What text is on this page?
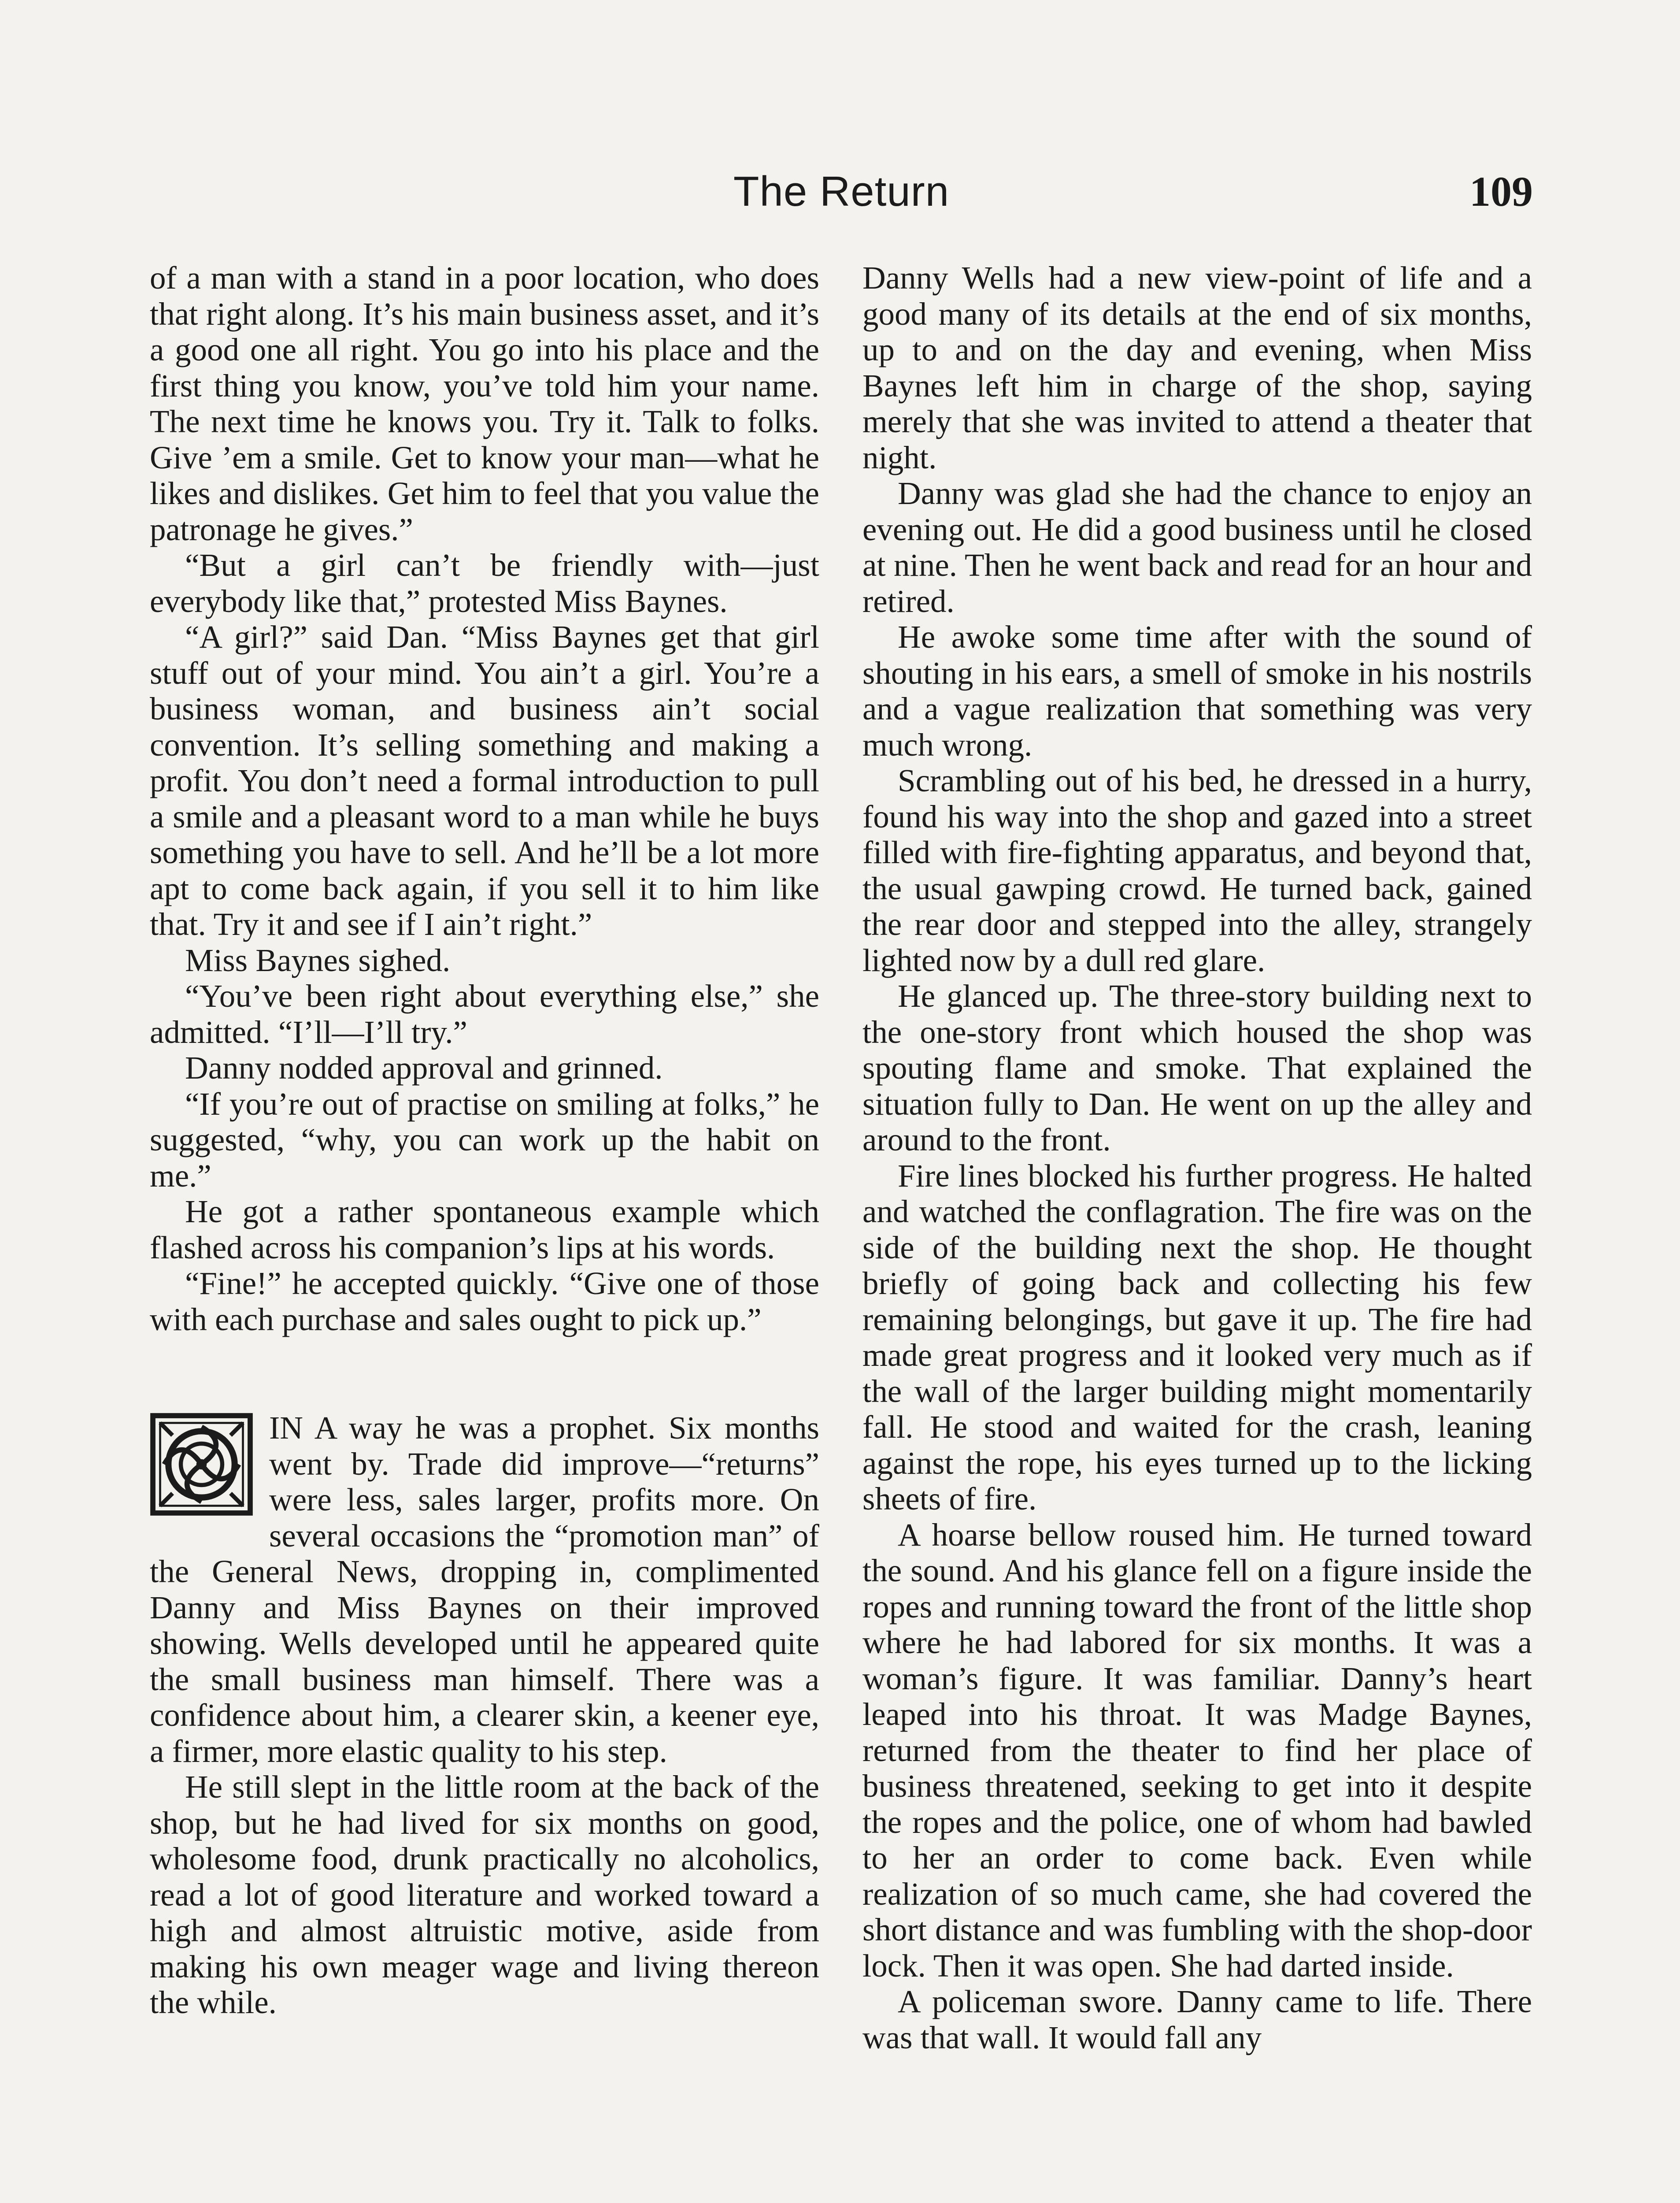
The Return	109

of a man with a stand in a poor location, who does that right along. It’s his main business asset, and it’s a good one all right. You go into his place and the first thing you know, you’ve told him your name. The next time he knows you. Try it. Talk to folks. Give ’em a smile. Get to know your man—what he likes and dislikes. Get him to feel that you value the patronage he gives.”

“But a girl can’t be friendly with—just everybody like that,” protested Miss Baynes.

“A girl?” said Dan. “Miss Baynes get that girl stuff out of your mind. You ain’t a girl. You’re a business woman, and business ain’t social convention. It’s selling something and making a profit. You don’t need a formal introduction to pull a smile and a pleasant word to a man while he buys something you have to sell. And he’ll be a lot more apt to come back again, if you sell it to him like that. Try it and see if I ain’t right.”

Miss Baynes sighed.

“You’ve been right about everything else,” she admitted. “I’ll—I’ll try.”

Danny nodded approval and grinned.

“If you’re out of practise on smiling at folks,” he suggested, “why, you can work up the habit on me.”

He got a rather spontaneous example which flashed across his companion’s lips at his words.

“Fine!” he accepted quickly. “Give one of those with each purchase and sales ought to pick up.”

IN A way he was a prophet. Six months went by. Trade did improve—“returns” were less, sales larger, profits more. On several occasions the “promotion man” of the General News, dropping in, complimented Danny and Miss Baynes on their improved showing. Wells developed until he appeared quite the small business man himself. There was a confidence about him, a clearer skin, a keener eye, a firmer, more elastic quality to his step.

He still slept in the little room at the back of the shop, but he had lived for six months on good, wholesome food, drunk practically no alcoholics, read a lot of good literature and worked toward a high and almost altruistic motive, aside from making his own meager wage and living thereon the while.

Danny Wells had a new view-point of life and a good many of its details at the end of six months, up to and on the day and evening, when Miss Baynes left him in charge of the shop, saying merely that she was invited to attend a theater that night.

Danny was glad she had the chance to enjoy an evening out. He did a good business until he closed at nine. Then he went back and read for an hour and retired.

He awoke some time after with the sound of shouting in his ears, a smell of smoke in his nostrils and a vague realization that something was very much wrong.

Scrambling out of his bed, he dressed in a hurry, found his way into the shop and gazed into a street filled with fire-fighting apparatus, and beyond that, the usual gawping crowd. He turned back, gained the rear door and stepped into the alley, strangely lighted now by a dull red glare.

He glanced up. The three-story building next to the one-story front which housed the shop was spouting flame and smoke. That explained the situation fully to Dan. He went on up the alley and around to the front.

Fire lines blocked his further progress. He halted and watched the conflagration. The fire was on the side of the building next the shop. He thought briefly of going back and collecting his few remaining belongings, but gave it up. The fire had made great progress and it looked very much as if the wall of the larger building might momentarily fall. He stood and waited for the crash, leaning against the rope, his eyes turned up to the licking sheets of fire.

A hoarse bellow roused him. He turned toward the sound. And his glance fell on a figure inside the ropes and running toward the front of the little shop where he had labored for six months. It was a woman’s figure. It was familiar. Danny’s heart leaped into his throat. It was Madge Baynes, returned from the theater to find her place of business threatened, seeking to get into it despite the ropes and the police, one of whom had bawled to her an order to come back. Even while realization of so much came, she had covered the short distance and was fumbling with the shop-door lock. Then it was open. She had darted inside.

A policeman swore. Danny came to life. There was that wall. It would fall any
